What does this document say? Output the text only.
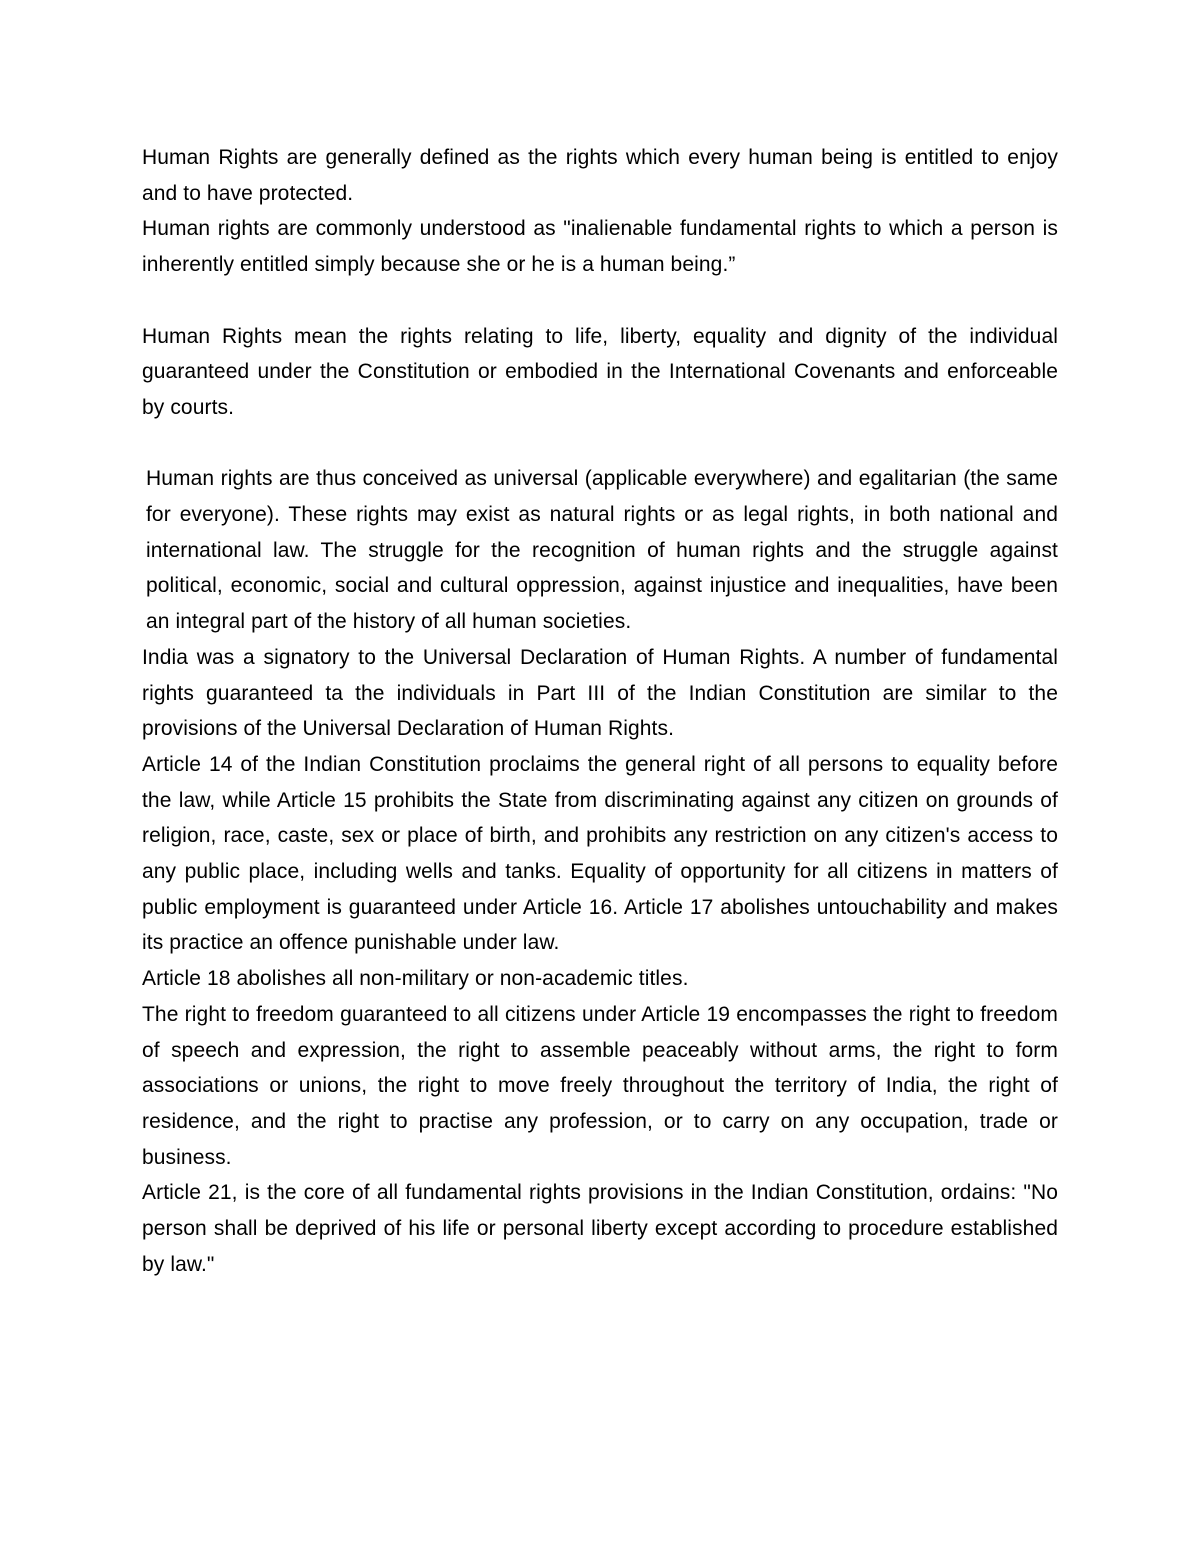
Human Rights are generally defined as the rights which every human being is entitled to enjoy and to have protected.

Human rights are commonly understood as "inalienable fundamental rights to which a person is inherently entitled simply because she or he is a human being.”

Human Rights mean the rights relating to life, liberty, equality and dignity of the individual guaranteed under the Constitution or embodied in the International Covenants and enforceable by courts.

Human rights are thus conceived as universal (applicable everywhere) and egalitarian (the same for everyone). These rights may exist as natural rights or as legal rights, in both national and international law. The struggle for the recognition of human rights and the struggle against political, economic, social and cultural oppression, against injustice and inequalities, have been an integral part of the history of all human societies.

India was a signatory to the Universal Declaration of Human Rights. A number of fundamental rights guaranteed ta the individuals in Part III of the Indian Constitution are similar to the provisions of the Universal Declaration of Human Rights.

Article 14 of the Indian Constitution proclaims the general right of all persons to equality before the law, while Article 15 prohibits the State from discriminating against any citizen on grounds of religion, race, caste, sex or place of birth, and prohibits any restriction on any citizen's access to any public place, including wells and tanks. Equality of opportunity for all citizens in matters of public employment is guaranteed under Article 16. Article 17 abolishes untouchability and makes its practice an offence punishable under law.

Article 18 abolishes all non-military or non-academic titles.

The right to freedom guaranteed to all citizens under Article 19 encompasses the right to freedom of speech and expression, the right to assemble peaceably without arms, the right to form associations or unions, the right to move freely throughout the territory of India, the right of residence, and the right to practise any profession, or to carry on any occupation, trade or business.

Article 21, is the core of all fundamental rights provisions in the Indian Constitution, ordains: "No person shall be deprived of his life or personal liberty except according to procedure established by law."
